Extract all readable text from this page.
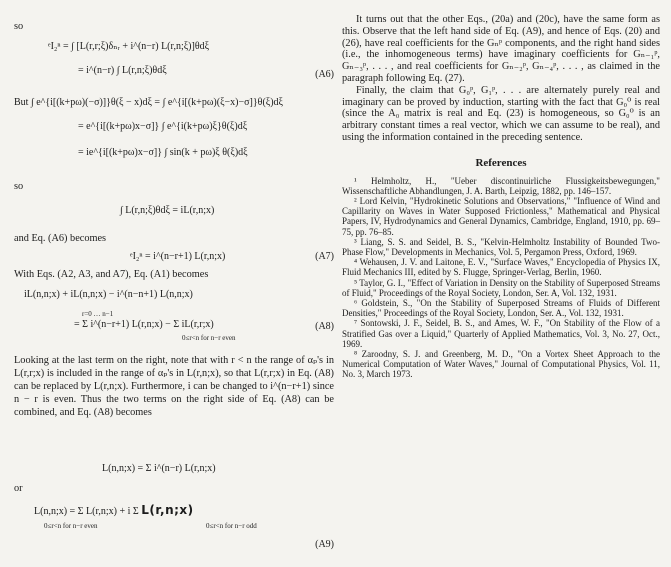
so
ᵉI₂ⁿ = ∫ [L(r,r;ξ)δₙᵣ + i^(n−r) L(r,n;ξ)]θdξ
= i^(n−r) ∫ L(r,n;ξ)θdξ	(A6)
But ∫ e^{i[(k+pω)(−σ)]}θ(ξ − x)dξ = ∫ e^{i[(k+pω)(ξ−x)−σ]}θ(ξ)dξ
= e^{i[(k+pω)x−σ]} ∫ e^{i(k+pω)ξ}θ(ξ)dξ
= ie^{i[(k+pω)x−σ]} ∫ sin(k + pω)ξ θ(ξ)dξ
so
∫ L(r,n;ξ)θdξ = iL(r,n;x)
and Eq. (A6) becomes
ᵉI₂ⁿ = i^(n−r+1) L(r,n;x)	(A7)
With Eqs. (A2, A3, and A7), Eq. (A1) becomes
iL(n,n;x) + iL(n,n;x) − i^(n−n+1) L(n,n;x)
= Σ i^(n−r+1) L(r,n;x) − Σ iL(r,r;x)
r=0 … n−1
0≤r<n for n−r even
(A8)
Looking at the last term on the right, note that with r < n the range of αₚ's in L(r,r;x) is included in the range of αₚ's in L(r,n;x), so that L(r,r;x) in Eq. (A8) can be replaced by L(r,n;x). Furthermore, i can be changed to i^(n−r+1) since n − r is even. Thus the two terms on the right side of Eq. (A8) can be combined, and Eq. (A8) becomes
L(n,n;x) = Σ i^(n−r) L(r,n;x)
or
L(n,n;x) = Σ L(r,n;x) + i Σ L(r,n;x)
0≤r<n for n−r even	0≤r<n for n−r odd
(A9)

It turns out that the other Eqs., (20a) and (20c), have the same form as this. Observe that the left hand side of Eq. (A9), and hence of Eqs. (20) and (26), have real coefficients for the Gₙᵖ components, and the right hand sides (i.e., the inhomogeneous terms) have imaginary coefficients for Gₙ₋₁ᵖ, Gₙ₋₃ᵖ, . . . , and real coefficients for Gₙ₋₂ᵖ, Gₙ₋₄ᵖ, . . . , as claimed in the paragraph following Eq. (27).

Finally, the claim that G₀ᵖ, G₁ᵖ, . . . are alternately purely real and imaginary can be proved by induction, starting with the fact that G₀⁰ is real (since the A₀ matrix is real and Eq. (23) is homogeneous, so G₀⁰ is an arbitrary constant times a real vector, which we can assume to be real), and using the information contained in the preceding sentence.

References

¹ Helmholtz, H., "Ueber discontinuirliche Flussigkeitsbewegungen," Wissenschaftliche Abhandlungen, J. A. Barth, Leipzig, 1882, pp. 146–157.

² Lord Kelvin, "Hydrokinetic Solutions and Observations," "Influence of Wind and Capillarity on Waves in Water Supposed Frictionless," Mathematical and Physical Papers, IV, Hydrodynamics and General Dynamics, Cambridge, England, 1910, pp. 69–75, pp. 76–85.

³ Liang, S. S. and Seidel, B. S., "Kelvin-Helmholtz Instability of Bounded Two-Phase Flow," Developments in Mechanics, Vol. 5, Pergamon Press, Oxford, 1969.

⁴ Wehausen, J. V. and Laitone, E. V., "Surface Waves," Encyclopedia of Physics IX, Fluid Mechanics III, edited by S. Flugge, Springer-Verlag, Berlin, 1960.

⁵ Taylor, G. I., "Effect of Variation in Density on the Stability of Superposed Streams of Fluid," Proceedings of the Royal Society, London, Ser. A, Vol. 132, 1931.

⁶ Goldstein, S., "On the Stability of Superposed Streams of Fluids of Different Densities," Proceedings of the Royal Society, London, Ser. A., Vol. 132, 1931.

⁷ Sontowski, J. F., Seidel, B. S., and Ames, W. F., "On Stability of the Flow of a Stratified Gas over a Liquid," Quarterly of Applied Mathematics, Vol. 3, No. 27, Oct., 1969.

⁸ Zaroodny, S. J. and Greenberg, M. D., "On a Vortex Sheet Approach to the Numerical Computation of Water Waves," Journal of Computational Physics, Vol. 11, No. 3, March 1973.
